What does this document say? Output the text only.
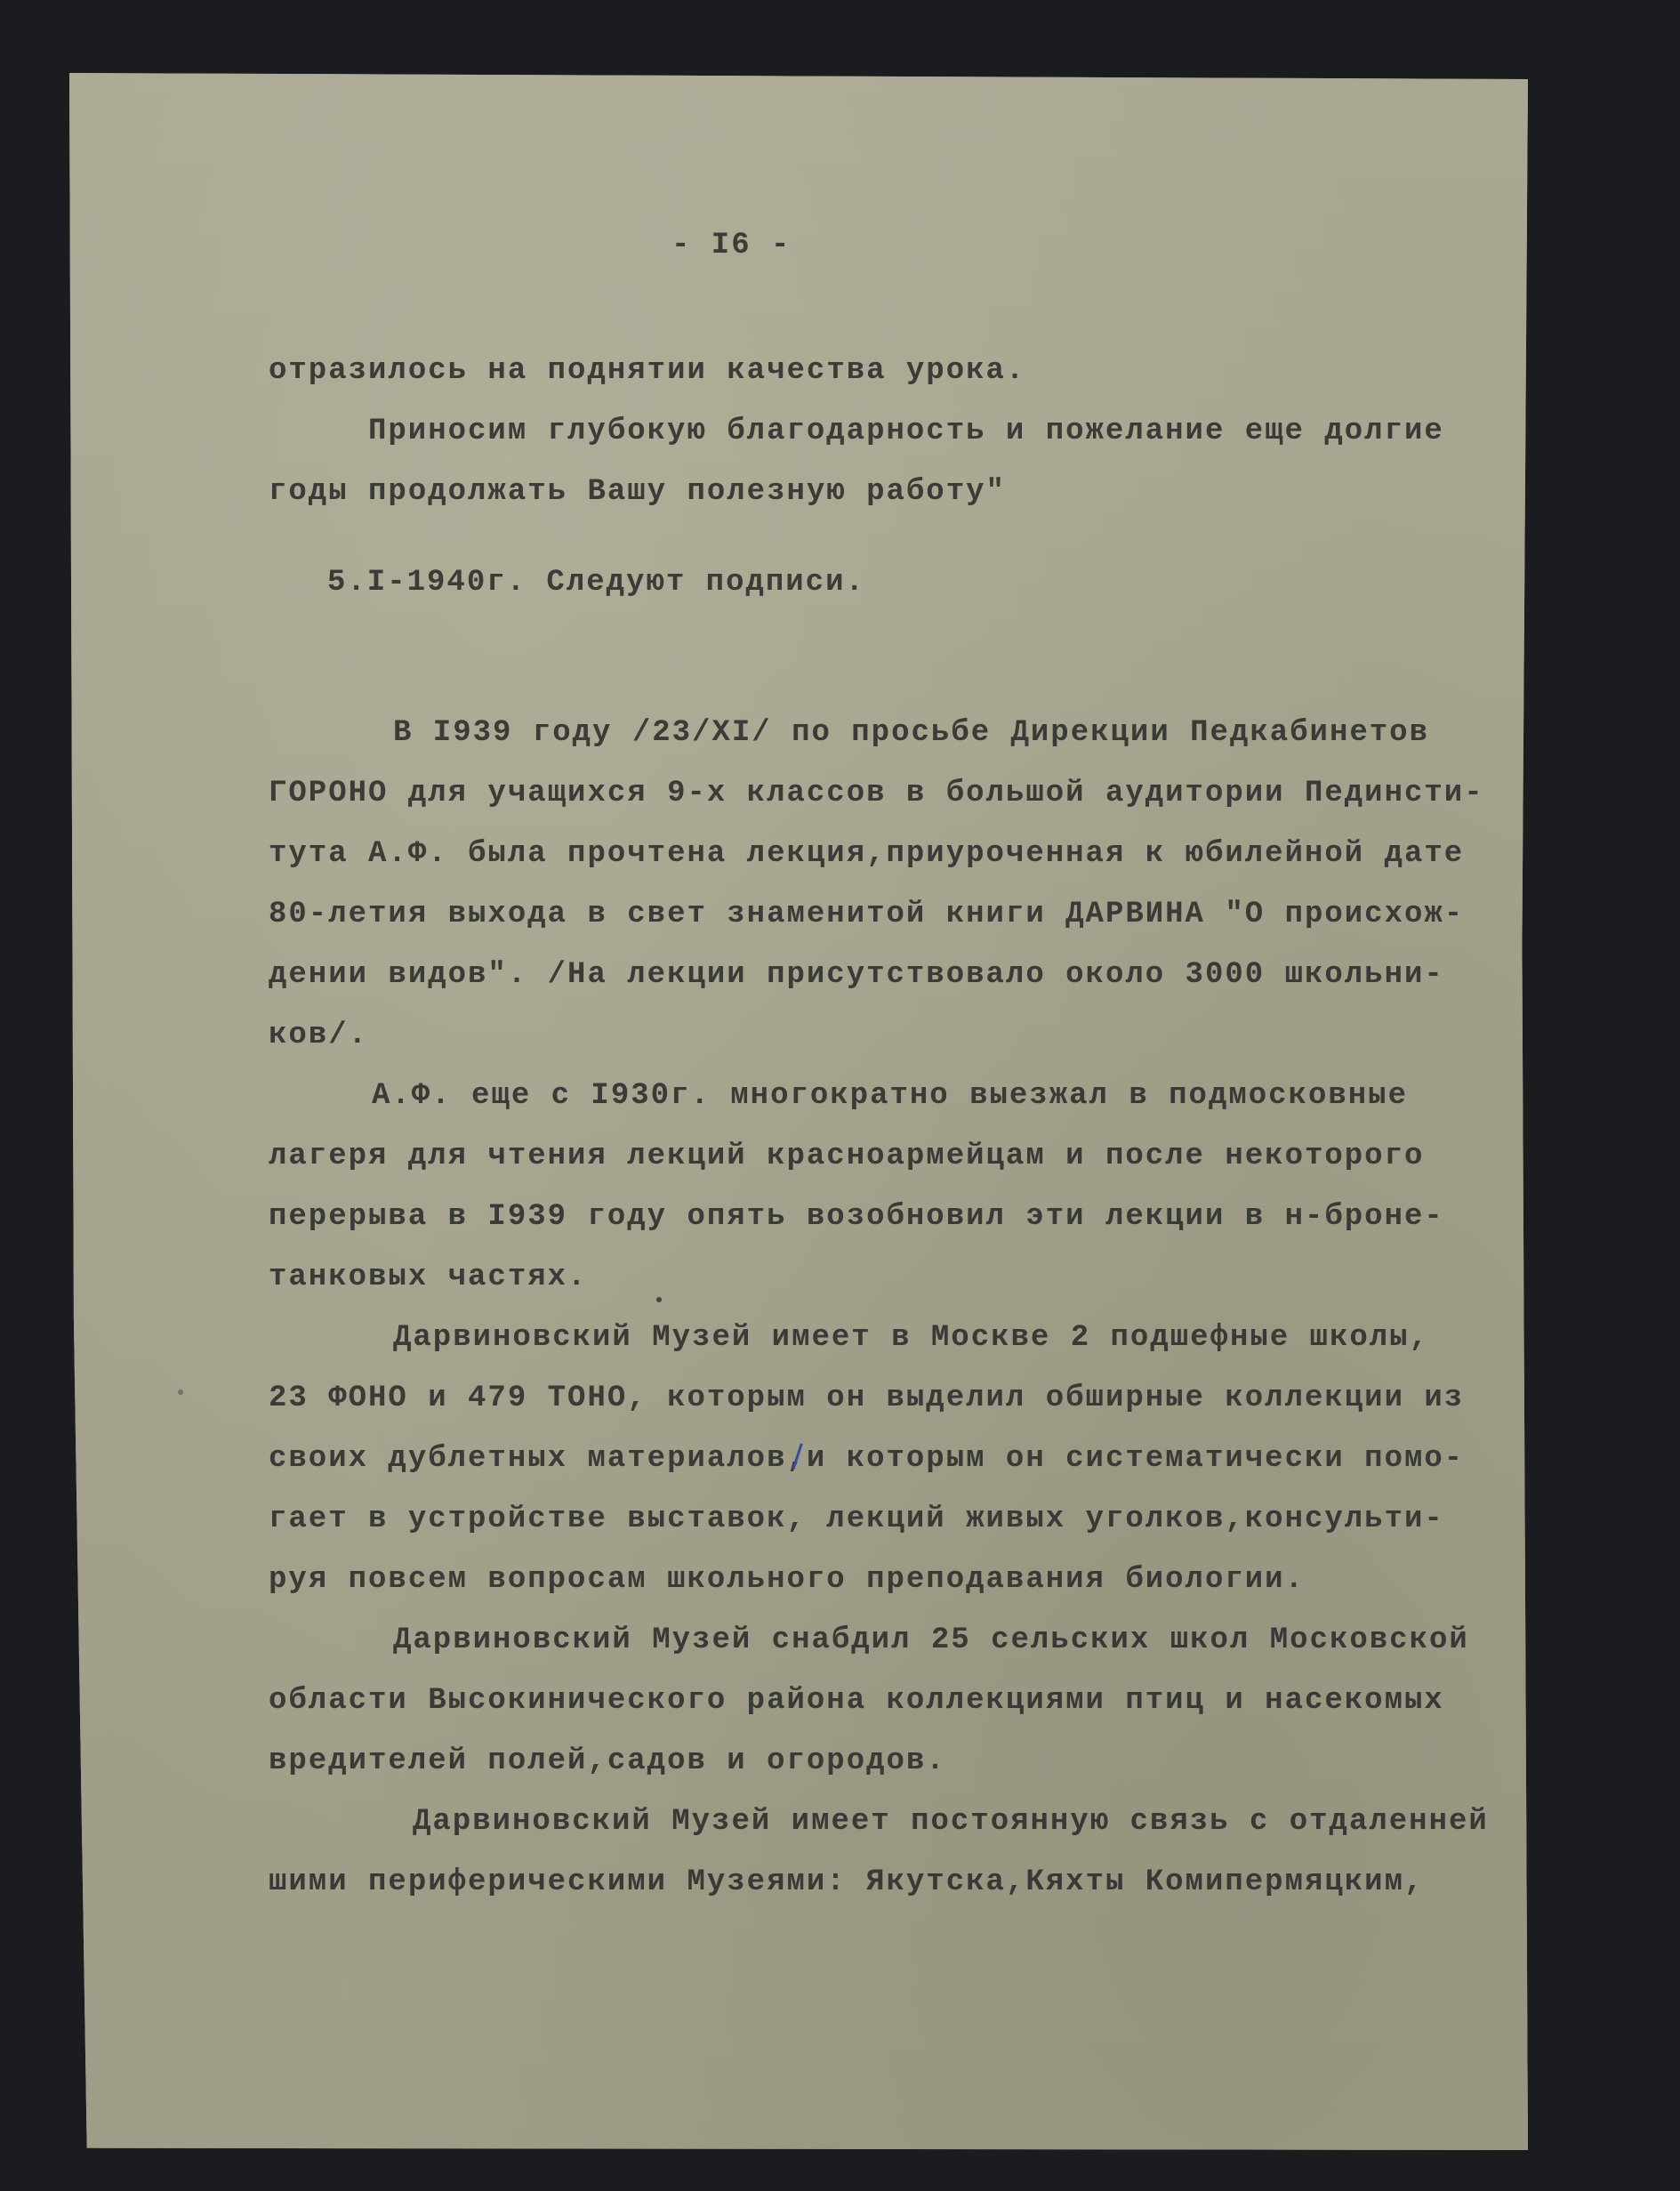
- I6 -
отразилось на поднятии качества урока.
Приносим глубокую благодарность и пожелание еще долгие
годы продолжать Вашу полезную работу"
5.I-1940г. Следуют подписи.
В I939 году /23/XI/ по просьбе Дирекции Педкабинетов
ГОРОНО для учащихся 9-х классов в большой аудитории Пединсти-
тута А.Ф. была прочтена лекция,приуроченная к юбилейной дате
80-летия выхода в свет знаменитой книги ДАРВИНА "О происхож-
дении видов". /На лекции присутствовало около 3000 школьни-
ков/.
А.Ф. еще с I930г. многократно выезжал в подмосковные
лагеря для чтения лекций красноармейцам и после некоторого
перерыва в I939 году опять возобновил эти лекции в н-броне-
танковых частях.
Дарвиновский Музей имеет в Москве 2 подшефные школы,
23 ФОНО и 479 ТОНО, которым он выделил обширные коллекции из
своих дублетных материалов,и которым он систематически помо-
гает в устройстве выставок, лекций живых уголков,консульти-
руя повсем вопросам школьного преподавания биологии.
Дарвиновский Музей снабдил 25 сельских школ Московской
области Высокинического района коллекциями птиц и насекомых
вредителей полей,садов и огородов.
Дарвиновский Музей имеет постоянную связь с отдаленней
шими периферическими Музеями: Якутска,Кяхты Комипермяцким,
